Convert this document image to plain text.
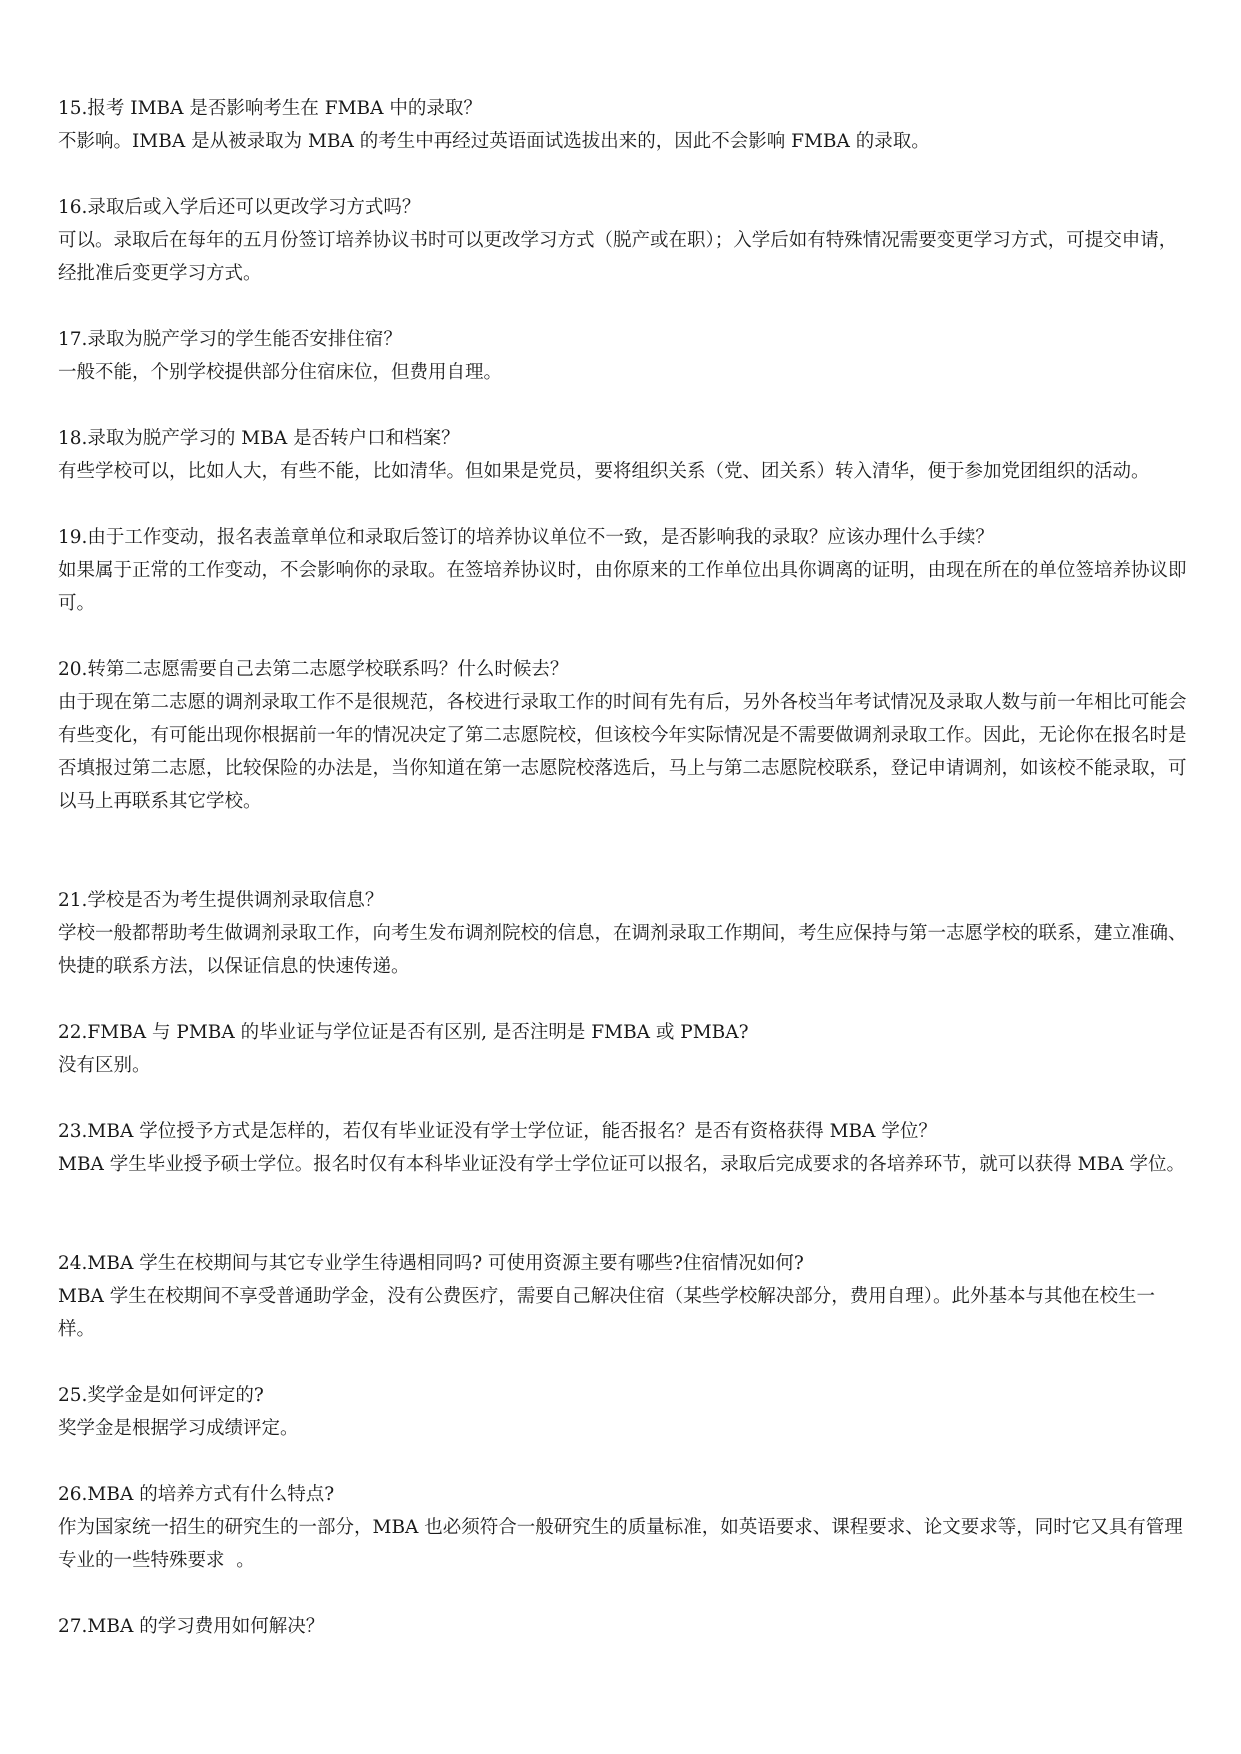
15.报考 IMBA 是否影响考生在 FMBA 中的录取？

不影响。IMBA 是从被录取为 MBA 的考生中再经过英语面试选拔出来的，因此不会影响 FMBA 的录取。

16.录取后或入学后还可以更改学习方式吗？

可以。录取后在每年的五月份签订培养协议书时可以更改学习方式（脱产或在职）；入学后如有特殊情况需要变更学习方式，可提交申请，经批准后变更学习方式。

17.录取为脱产学习的学生能否安排住宿？

一般不能，个别学校提供部分住宿床位，但费用自理。

18.录取为脱产学习的 MBA 是否转户口和档案？

有些学校可以，比如人大，有些不能，比如清华。但如果是党员，要将组织关系（党、团关系）转入清华，便于参加党团组织的活动。

19.由于工作变动，报名表盖章单位和录取后签订的培养协议单位不一致，是否影响我的录取？应该办理什么手续？

如果属于正常的工作变动，不会影响你的录取。在签培养协议时，由你原来的工作单位出具你调离的证明，由现在所在的单位签培养协议即可。

20.转第二志愿需要自己去第二志愿学校联系吗？什么时候去？

由于现在第二志愿的调剂录取工作不是很规范，各校进行录取工作的时间有先有后，另外各校当年考试情况及录取人数与前一年相比可能会有些变化，有可能出现你根据前一年的情况决定了第二志愿院校，但该校今年实际情况是不需要做调剂录取工作。因此，无论你在报名时是否填报过第二志愿，比较保险的办法是，当你知道在第一志愿院校落选后，马上与第二志愿院校联系，登记申请调剂，如该校不能录取，可以马上再联系其它学校。

21.学校是否为考生提供调剂录取信息？

学校一般都帮助考生做调剂录取工作，向考生发布调剂院校的信息，在调剂录取工作期间，考生应保持与第一志愿学校的联系，建立准确、快捷的联系方法，以保证信息的快速传递。

22.FMBA 与 PMBA 的毕业证与学位证是否有区别, 是否注明是 FMBA 或 PMBA?

没有区别。

23.MBA 学位授予方式是怎样的，若仅有毕业证没有学士学位证，能否报名？是否有资格获得 MBA 学位？

MBA 学生毕业授予硕士学位。报名时仅有本科毕业证没有学士学位证可以报名，录取后完成要求的各培养环节，就可以获得 MBA 学位。

24.MBA 学生在校期间与其它专业学生待遇相同吗? 可使用资源主要有哪些?住宿情况如何?

MBA 学生在校期间不享受普通助学金，没有公费医疗，需要自己解决住宿（某些学校解决部分，费用自理）。此外基本与其他在校生一样。

25.奖学金是如何评定的?

奖学金是根据学习成绩评定。

26.MBA 的培养方式有什么特点?

作为国家统一招生的研究生的一部分，MBA 也必须符合一般研究生的质量标准，如英语要求、课程要求、论文要求等，同时它又具有管理专业的一些特殊要求  。

27.MBA 的学习费用如何解决？
